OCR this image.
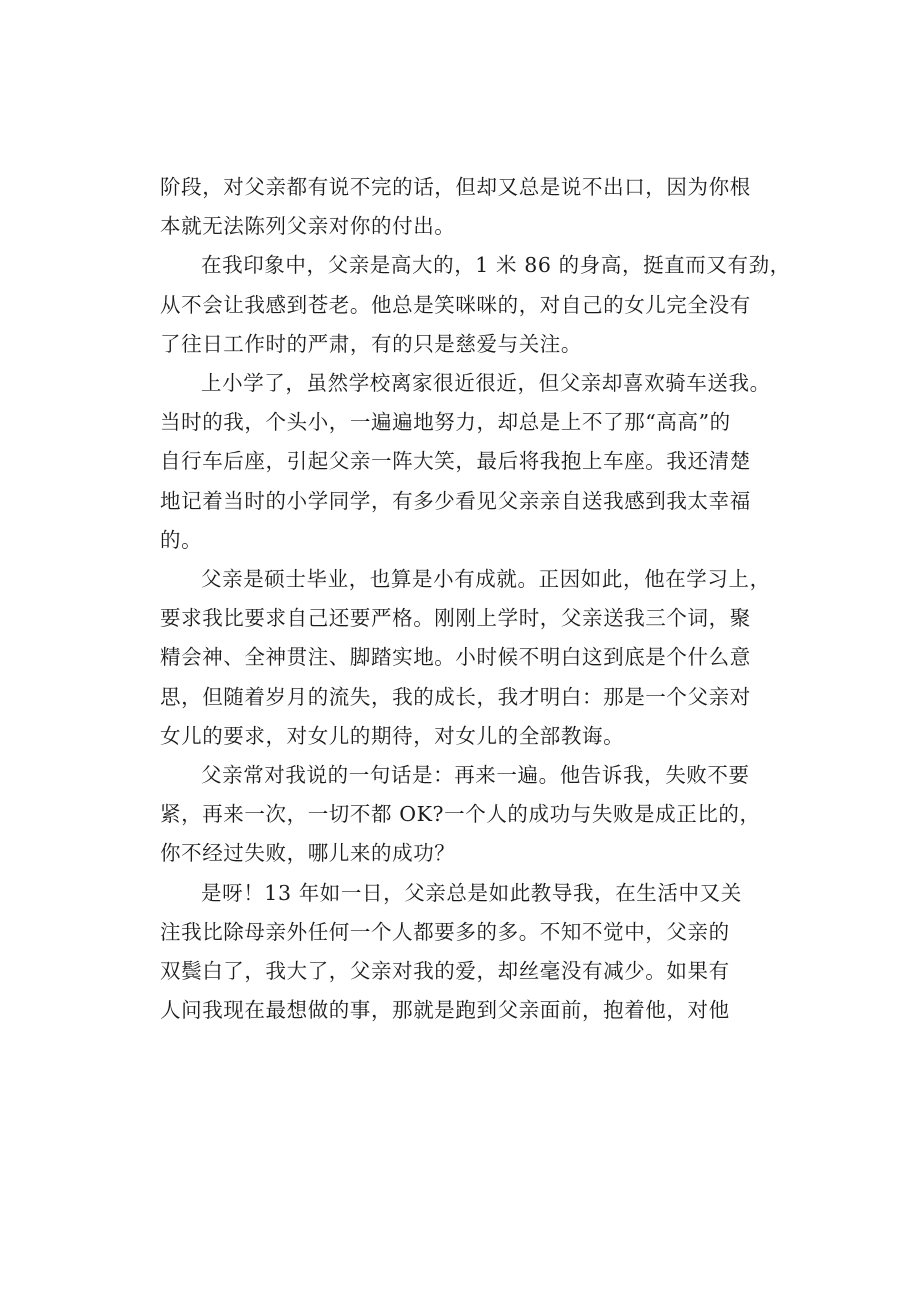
阶段，对父亲都有说不完的话，但却又总是说不出口，因为你根
本就无法陈列父亲对你的付出。

在我印象中，父亲是高大的，1 米 86 的身高，挺直而又有劲，
从不会让我感到苍老。他总是笑咪咪的，对自己的女儿完全没有
了往日工作时的严肃，有的只是慈爱与关注。

上小学了，虽然学校离家很近很近，但父亲却喜欢骑车送我。
当时的我，个头小，一遍遍地努力，却总是上不了那“高高”的
自行车后座，引起父亲一阵大笑，最后将我抱上车座。我还清楚
地记着当时的小学同学，有多少看见父亲亲自送我感到我太幸福
的。

父亲是硕士毕业，也算是小有成就。正因如此，他在学习上，
要求我比要求自己还要严格。刚刚上学时，父亲送我三个词，聚
精会神、全神贯注、脚踏实地。小时候不明白这到底是个什么意
思，但随着岁月的流失，我的成长，我才明白：那是一个父亲对
女儿的要求，对女儿的期待，对女儿的全部教诲。

父亲常对我说的一句话是：再来一遍。他告诉我，失败不要
紧，再来一次，一切不都 OK?一个人的成功与失败是成正比的，
你不经过失败，哪儿来的成功？

是呀！13 年如一日，父亲总是如此教导我，在生活中又关
注我比除母亲外任何一个人都要多的多。不知不觉中，父亲的
双鬓白了，我大了，父亲对我的爱，却丝毫没有减少。如果有
人问我现在最想做的事，那就是跑到父亲面前，抱着他，对他
